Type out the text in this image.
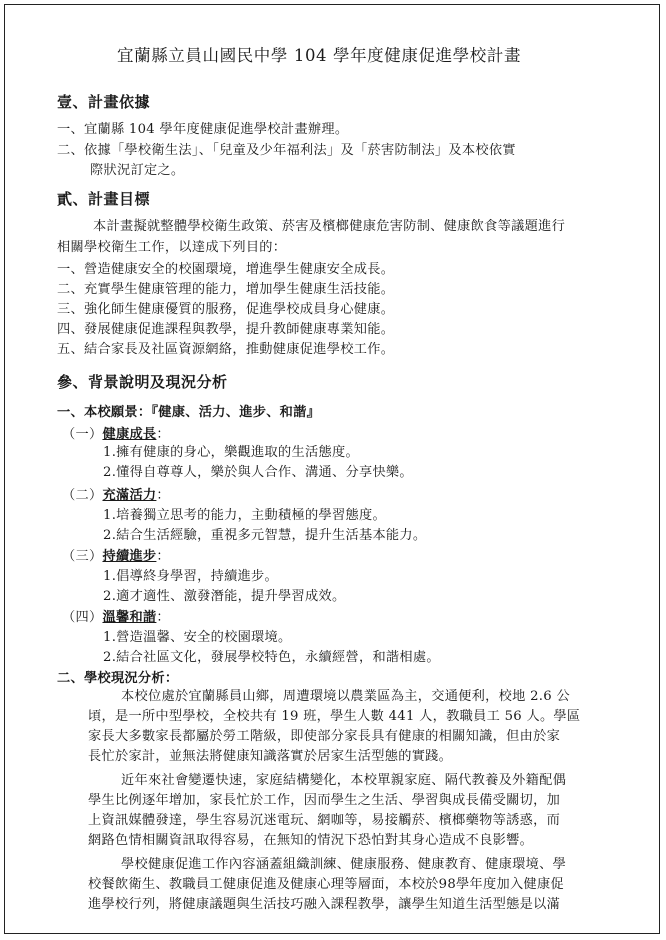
宜蘭縣立員山國民中學 104 學年度健康促進學校計畫
壹、計畫依據
一、宜蘭縣 104 學年度健康促進學校計畫辦理。
二、依據「學校衛生法」、「兒童及少年福利法」及「菸害防制法」及本校依實
際狀況訂定之。
貳、計畫目標
本計畫擬就整體學校衛生政策、菸害及檳榔健康危害防制、健康飲食等議題進行
相關學校衛生工作，以達成下列目的：
一、營造健康安全的校園環境，增進學生健康安全成長。
二、充實學生健康管理的能力，增加學生健康生活技能。
三、強化師生健康優質的服務，促進學校成員身心健康。
四、發展健康促進課程與教學，提升教師健康專業知能。
五、結合家長及社區資源網絡，推動健康促進學校工作。
參、背景說明及現況分析
一、本校願景：『健康、活力、進步、和諧』
（一）健康成長：
1.擁有健康的身心，樂觀進取的生活態度。
2.懂得自尊尊人，樂於與人合作、溝通、分享快樂。
（二）充滿活力：
1.培養獨立思考的能力，主動積極的學習態度。
2.結合生活經驗，重視多元智慧，提升生活基本能力。
（三）持續進步：
1.倡導終身學習，持續進步。
2.適才適性、激發潛能，提升學習成效。
（四）溫馨和諧：
1.營造溫馨、安全的校園環境。
2.結合社區文化，發展學校特色，永續經營，和諧相處。
二、學校現況分析：
本校位處於宜蘭縣員山鄉，周遭環境以農業區為主，交通便利，校地 2.6 公
頃，是一所中型學校，全校共有 19 班，學生人數 441 人，教職員工 56 人。學區
家長大多數家長都屬於勞工階級，即使部分家長具有健康的相關知識，但由於家
長忙於家計，並無法將健康知識落實於居家生活型態的實踐。
近年來社會變遷快速，家庭結構變化，本校單親家庭、隔代教養及外籍配偶
學生比例逐年增加，家長忙於工作，因而學生之生活、學習與成長備受關切，加
上資訊媒體發達，學生容易沉迷電玩、網咖等，易接觸菸、檳榔藥物等誘惑，而
網路色情相關資訊取得容易，在無知的情況下恐怕對其身心造成不良影響。
學校健康促進工作內容涵蓋組織訓練、健康服務、健康教育、健康環境、學
校餐飲衛生、教職員工健康促進及健康心理等層面，本校於98學年度加入健康促
進學校行列，將健康議題與生活技巧融入課程教學，讓學生知道生活型態是以滿
